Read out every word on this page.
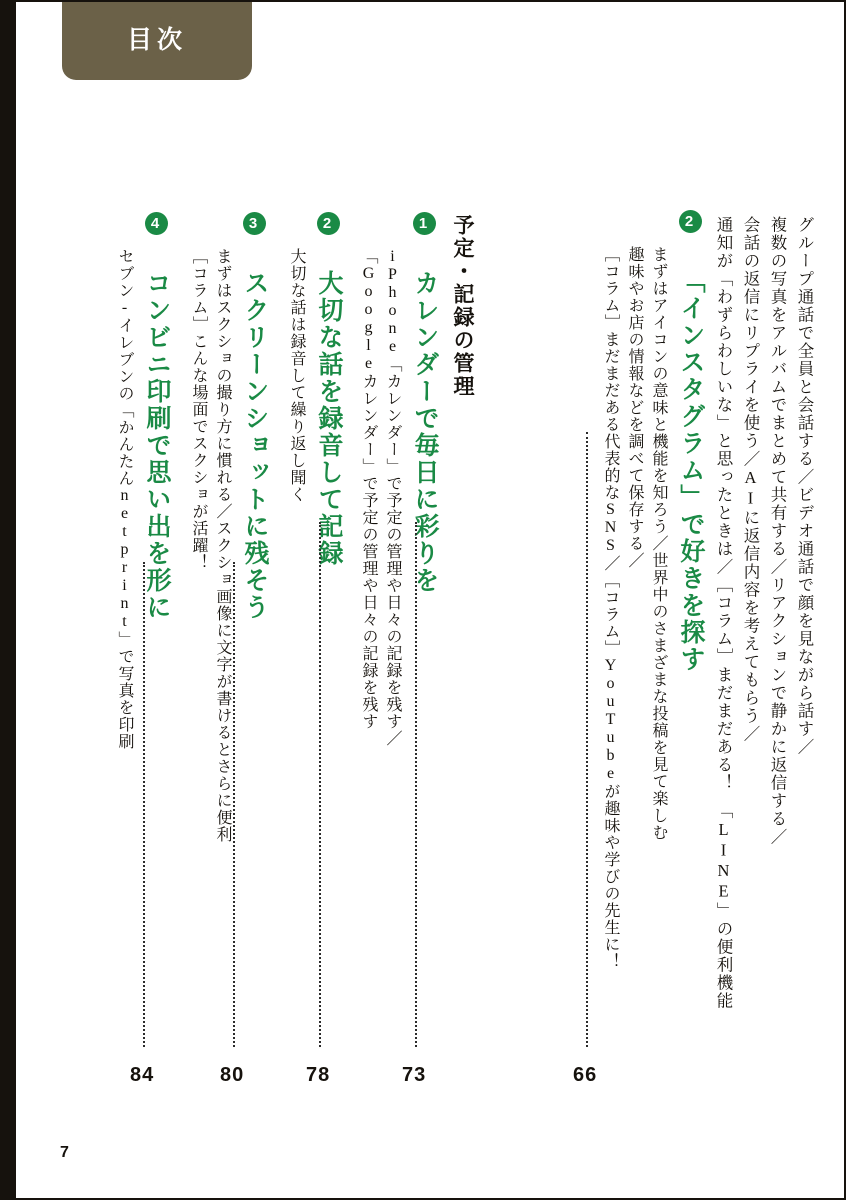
目次
グループ通話で全員と会話する／ビデオ通話で顔を見ながら話す／
複数の写真をアルバムでまとめて共有する／リアクションで静かに返信する／
会話の返信にリプライを使う／AIに返信内容を考えてもらう／
通知が「わずらわしいな」と思ったときは／［コラム］まだまだある！　「LINE」の便利機能
2 「インスタグラム」で好きを探す
まずはアイコンの意味と機能を知ろう／世界中のさまざまな投稿を見て楽しむ
趣味やお店の情報などを調べて保存する／
［コラム］まだまだある代表的なSNS／［コラム］YouTubeが趣味や学びの先生に！
予定・記録の管理
1 カレンダーで毎日に彩りを
iPhone「カレンダー」で予定の管理や日々の記録を残す／
「Googleカレンダー」で予定の管理や日々の記録を残す
2 大切な話を録音して記録
大切な話は録音して繰り返し聞く
3 スクリーンショットに残そう
まずはスクショの撮り方に慣れる／スクショ画像に文字が書けるとさらに便利
［コラム］こんな場面でスクショが活躍！
4 コンビニ印刷で思い出を形に
セブン-イレブンの「かんたんnetprint」で写真を印刷
66
73
78
80
84
7
